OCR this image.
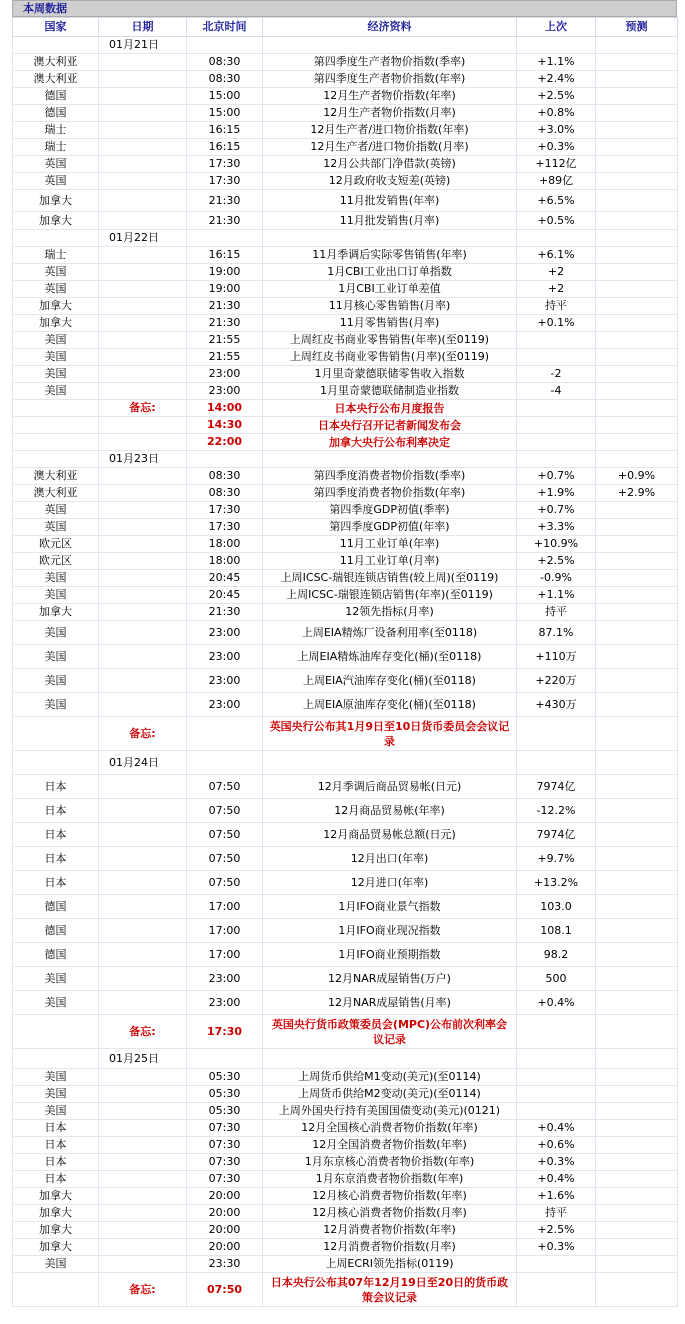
本周数据
国家	日期	北京时间	经济资料	上次	预测
	01月21日				
澳大利亚		08:30	第四季度生产者物价指数(季率)	+1.1%	
澳大利亚		08:30	第四季度生产者物价指数(年率)	+2.4%	
德国		15:00	12月生产者物价指数(年率)	+2.5%	
德国		15:00	12月生产者物价指数(月率)	+0.8%	
瑞士		16:15	12月生产者/进口物价指数(年率)	+3.0%	
瑞士		16:15	12月生产者/进口物价指数(月率)	+0.3%	
英国		17:30	12月公共部门净借款(英镑)	+112亿	
英国		17:30	12月政府收支短差(英镑)	+89亿	
加拿大		21:30	11月批发销售(年率)	+6.5%	
加拿大		21:30	11月批发销售(月率)	+0.5%	
	01月22日				
瑞士		16:15	11月季调后实际零售销售(年率)	+6.1%	
英国		19:00	1月CBI工业出口订单指数	+2	
英国		19:00	1月CBI工业订单差值	+2	
加拿大		21:30	11月核心零售销售(月率)	持平	
加拿大		21:30	11月零售销售(月率)	+0.1%	
美国		21:55	上周红皮书商业零售销售(年率)(至0119)		
美国		21:55	上周红皮书商业零售销售(月率)(至0119)		
美国		23:00	1月里奇蒙德联储零售收入指数	-2	
美国		23:00	1月里奇蒙德联储制造业指数	-4	
	备忘:	14:00	日本央行公布月度报告		
		14:30	日本央行召开记者新闻发布会		
		22:00	加拿大央行公布利率决定		
	01月23日				
澳大利亚		08:30	第四季度消费者物价指数(季率)	+0.7%	+0.9%
澳大利亚		08:30	第四季度消费者物价指数(年率)	+1.9%	+2.9%
英国		17:30	第四季度GDP初值(季率)	+0.7%	
英国		17:30	第四季度GDP初值(年率)	+3.3%	
欧元区		18:00	11月工业订单(年率)	+10.9%	
欧元区		18:00	11月工业订单(月率)	+2.5%	
美国		20:45	上周ICSC-瑞银连锁店销售(较上周)(至0119)	-0.9%	
美国		20:45	上周ICSC-瑞银连锁店销售(年率)(至0119)	+1.1%	
加拿大		21:30	12领先指标(月率)	持平	
美国		23:00	上周EIA精炼厂设备利用率(至0118)	87.1%	
美国		23:00	上周EIA精炼油库存变化(桶)(至0118)	+110万	
美国		23:00	上周EIA汽油库存变化(桶)(至0118)	+220万	
美国		23:00	上周EIA原油库存变化(桶)(至0118)	+430万	
	备忘:		英国央行公布其1月9日至10日货币委员会会议记录		
	01月24日				
日本		07:50	12月季调后商品贸易帐(日元)	7974亿	
日本		07:50	12月商品贸易帐(年率)	-12.2%	
日本		07:50	12月商品贸易帐总额(日元)	7974亿	
日本		07:50	12月出口(年率)	+9.7%	
日本		07:50	12月进口(年率)	+13.2%	
德国		17:00	1月IFO商业景气指数	103.0	
德国		17:00	1月IFO商业现况指数	108.1	
德国		17:00	1月IFO商业预期指数	98.2	
美国		23:00	12月NAR成屋销售(万户)	500	
美国		23:00	12月NAR成屋销售(月率)	+0.4%	
	备忘:	17:30	英国央行货币政策委员会(MPC)公布前次利率会议记录		
	01月25日				
美国		05:30	上周货币供给M1变动(美元)(至0114)		
美国		05:30	上周货币供给M2变动(美元)(至0114)		
美国		05:30	上周外国央行持有美国国债变动(美元)(0121)		
日本		07:30	12月全国核心消费者物价指数(年率)	+0.4%	
日本		07:30	12月全国消费者物价指数(年率)	+0.6%	
日本		07:30	1月东京核心消费者物价指数(年率)	+0.3%	
日本		07:30	1月东京消费者物价指数(年率)	+0.4%	
加拿大		20:00	12月核心消费者物价指数(年率)	+1.6%	
加拿大		20:00	12月核心消费者物价指数(月率)	持平	
加拿大		20:00	12月消费者物价指数(年率)	+2.5%	
加拿大		20:00	12月消费者物价指数(月率)	+0.3%	
美国		23:30	上周ECRI领先指标(0119)		
	备忘:	07:50	日本央行公布其07年12月19日至20日的货币政策会议记录		
